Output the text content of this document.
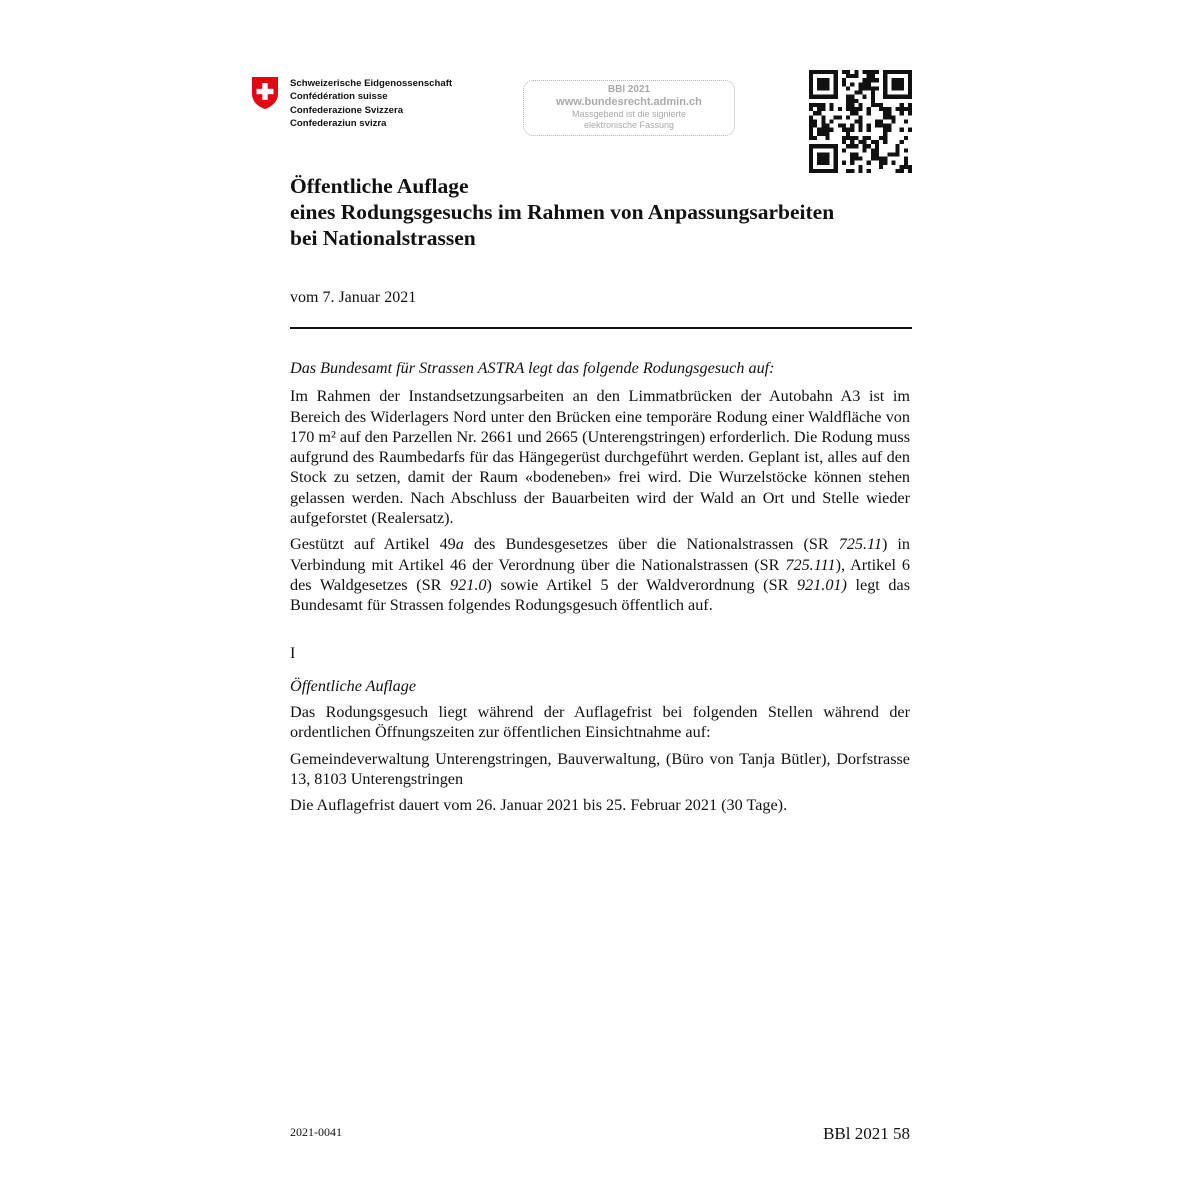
Schweizerische Eidgenossenschaft
Confédération suisse
Confederazione Svizzera
Confederaziun svizra
BBl 2021
www.bundesrecht.admin.ch
Massgebend ist die signierte
elektronische Fassung
Öffentliche Auflage
eines Rodungsgesuchs im Rahmen von Anpassungsarbeiten
bei Nationalstrassen

vom 7. Januar 2021

Das Bundesamt für Strassen ASTRA legt das folgende Rodungsgesuch auf:

Im Rahmen der Instandsetzungsarbeiten an den Limmatbrücken der Autobahn A3 ist im Bereich des Widerlagers Nord unter den Brücken eine temporäre Rodung einer Waldfläche von 170 m² auf den Parzellen Nr. 2661 und 2665 (Unterengstringen) erforderlich. Die Rodung muss aufgrund des Raumbedarfs für das Hängegerüst durchgeführt werden. Geplant ist, alles auf den Stock zu setzen, damit der Raum «bodeneben» frei wird. Die Wurzelstöcke können stehen gelassen werden. Nach Abschluss der Bauarbeiten wird der Wald an Ort und Stelle wieder aufgeforstet (Realersatz).

Gestützt auf Artikel 49a des Bundesgesetzes über die Nationalstrassen (SR 725.11) in Verbindung mit Artikel 46 der Verordnung über die Nationalstrassen (SR 725.111), Artikel 6 des Waldgesetzes (SR 921.0) sowie Artikel 5 der Waldverordnung (SR 921.01) legt das Bundesamt für Strassen folgendes Rodungsgesuch öffentlich auf.

I

Öffentliche Auflage

Das Rodungsgesuch liegt während der Auflagefrist bei folgenden Stellen während der ordentlichen Öffnungszeiten zur öffentlichen Einsichtnahme auf:

Gemeindeverwaltung Unterengstringen, Bauverwaltung, (Büro von Tanja Bütler), Dorfstrasse 13, 8103 Unterengstringen

Die Auflagefrist dauert vom 26. Januar 2021 bis 25. Februar 2021 (30 Tage).

2021-0041	BBl 2021 58
